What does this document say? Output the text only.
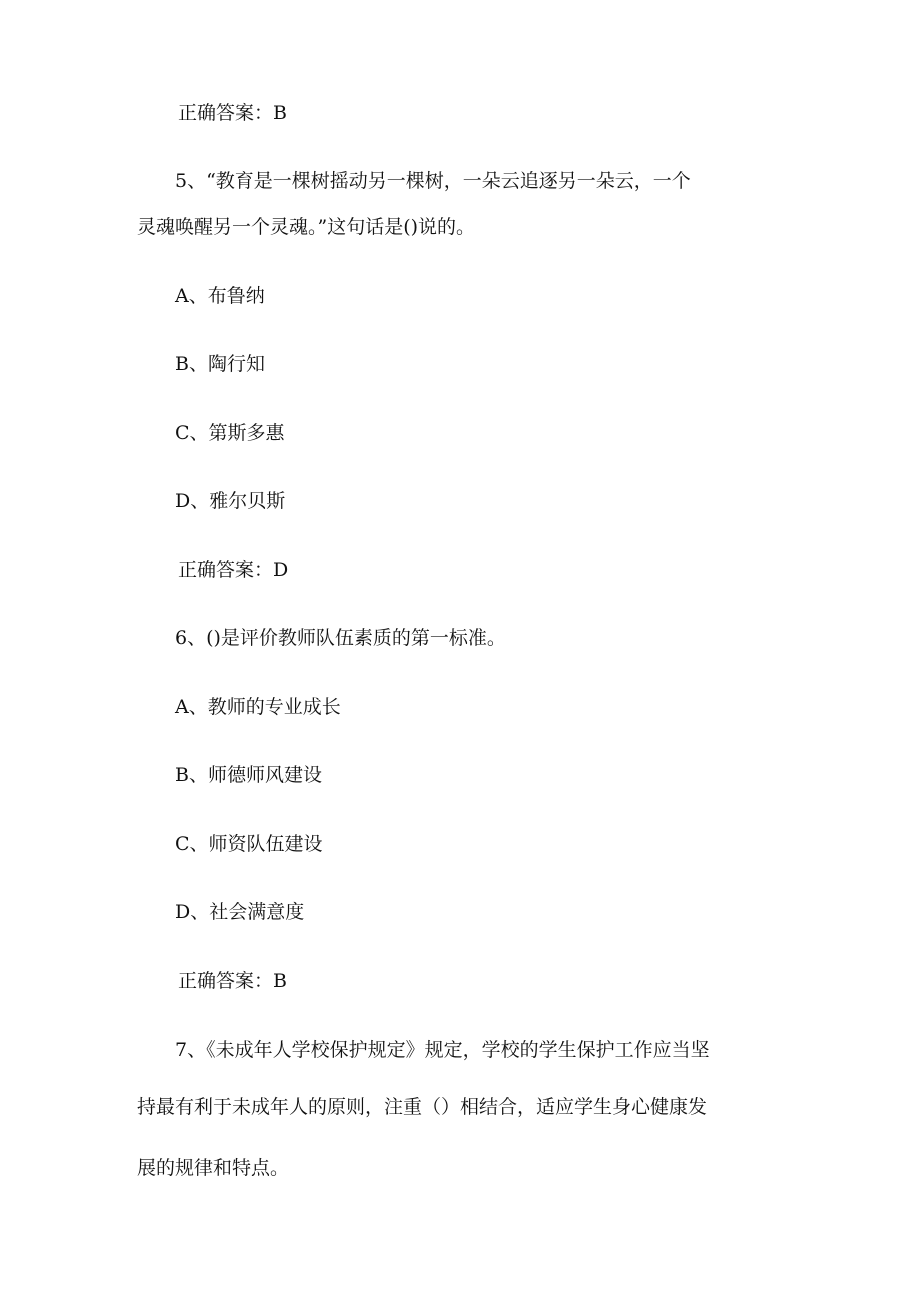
正确答案：B
5、“教育是一棵树摇动另一棵树，一朵云追逐另一朵云，一个
灵魂唤醒另一个灵魂。”这句话是()说的。
A、布鲁纳
B、陶行知
C、第斯多惠
D、雅尔贝斯
正确答案：D
6、()是评价教师队伍素质的第一标准。
A、教师的专业成长
B、师德师风建设
C、师资队伍建设
D、社会满意度
正确答案：B
7、《未成年人学校保护规定》规定，学校的学生保护工作应当坚
持最有利于未成年人的原则，注重（）相结合，适应学生身心健康发
展的规律和特点。
